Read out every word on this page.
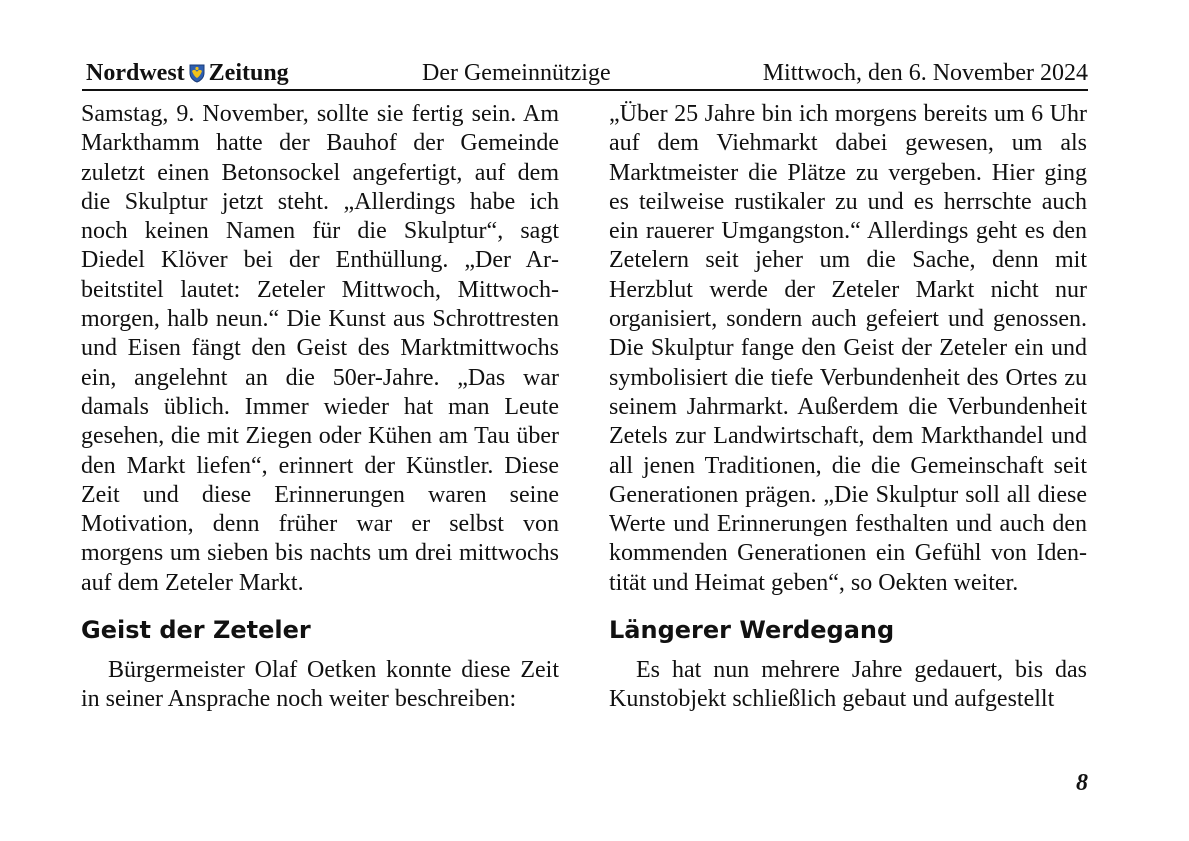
Nordwest Zeitung	Der Gemeinnützige	Mittwoch, den 6. November 2024

Samstag, 9. November, sollte sie fertig sein. Am Markthamm hatte der Bauhof der Gemeinde zuletzt einen Betonsockel angefertigt, auf dem die Skulptur jetzt steht. „Allerdings habe ich noch keinen Namen für die Skulptur“, sagt Diedel Klöver bei der Enthüllung. „Der Arbeitstitel lautet: Zeteler Mittwoch, Mittwochmorgen, halb neun.“ Die Kunst aus Schrottresten und Eisen fängt den Geist des Marktmittwochs ein, angelehnt an die 50er-Jahre. „Das war damals üblich. Immer wieder hat man Leute gesehen, die mit Ziegen oder Kühen am Tau über den Markt liefen“, erinnert der Künstler. Diese Zeit und diese Erinnerungen waren seine Motivation, denn früher war er selbst von morgens um sieben bis nachts um drei mittwochs auf dem Zeteler Markt.

Geist der Zeteler

Bürgermeister Olaf Oetken konnte diese Zeit in seiner Ansprache noch weiter beschreiben:

„Über 25 Jahre bin ich morgens bereits um 6 Uhr auf dem Viehmarkt dabei gewesen, um als Marktmeister die Plätze zu vergeben. Hier ging es teilweise rustikaler zu und es herrschte auch ein rauerer Umgangston.“ Allerdings geht es den Zetelern seit jeher um die Sache, denn mit Herzblut werde der Zeteler Markt nicht nur organisiert, sondern auch gefeiert und genossen. Die Skulptur fange den Geist der Zeteler ein und symbolisiert die tiefe Verbundenheit des Ortes zu seinem Jahrmarkt. Außerdem die Verbundenheit Zetels zur Landwirtschaft, dem Markthandel und all jenen Traditionen, die die Gemeinschaft seit Generationen prägen. „Die Skulptur soll all diese Werte und Erinnerungen festhalten und auch den kommenden Generationen ein Gefühl von Identität und Heimat geben“, so Oekten weiter.

Längerer Werdegang

Es hat nun mehrere Jahre gedauert, bis das Kunstobjekt schließlich gebaut und aufgestellt

8
